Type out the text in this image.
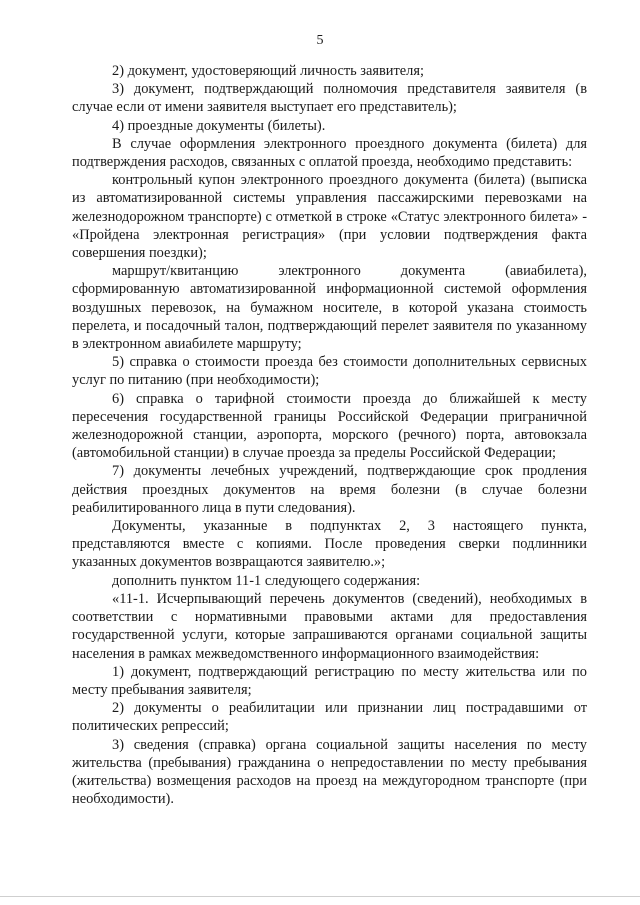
5

2) документ, удостоверяющий личность заявителя;

3) документ, подтверждающий полномочия представителя заявителя (в случае если от имени заявителя выступает его представитель);

4) проездные документы (билеты).

В случае оформления электронного проездного документа (билета) для подтверждения расходов, связанных с оплатой проезда, необходимо представить:

контрольный купон электронного проездного документа (билета) (выписка из автоматизированной системы управления пассажирскими перевозками на железнодорожном транспорте) с отметкой в строке «Статус электронного билета» - «Пройдена электронная регистрация» (при условии подтверждения факта совершения поездки);

маршрут/квитанцию электронного документа (авиабилета), сформированную автоматизированной информационной системой оформления воздушных перевозок, на бумажном носителе, в которой указана стоимость перелета, и посадочный талон, подтверждающий перелет заявителя по указанному в электронном авиабилете маршруту;

5) справка о стоимости проезда без стоимости дополнительных сервисных услуг по питанию (при необходимости);

6) справка о тарифной стоимости проезда до ближайшей к месту пересечения государственной границы Российской Федерации приграничной железнодорожной станции, аэропорта, морского (речного) порта, автовокзала (автомобильной станции) в случае проезда за пределы Российской Федерации;

7) документы лечебных учреждений, подтверждающие срок продления действия проездных документов на время болезни (в случае болезни реабилитированного лица в пути следования).

Документы, указанные в подпунктах 2, 3 настоящего пункта, представляются вместе с копиями. После проведения сверки подлинники указанных документов возвращаются заявителю.»;

дополнить пунктом 11-1 следующего содержания:

«11-1. Исчерпывающий перечень документов (сведений), необходимых в соответствии с нормативными правовыми актами для предоставления государственной услуги, которые запрашиваются органами социальной защиты населения в рамках межведомственного информационного взаимодействия:

1) документ, подтверждающий регистрацию по месту жительства или по месту пребывания заявителя;

2) документы о реабилитации или признании лиц пострадавшими от политических репрессий;

3) сведения (справка) органа социальной защиты населения по месту жительства (пребывания) гражданина о непредоставлении по месту пребывания (жительства) возмещения расходов на проезд на междугородном транспорте (при необходимости).
